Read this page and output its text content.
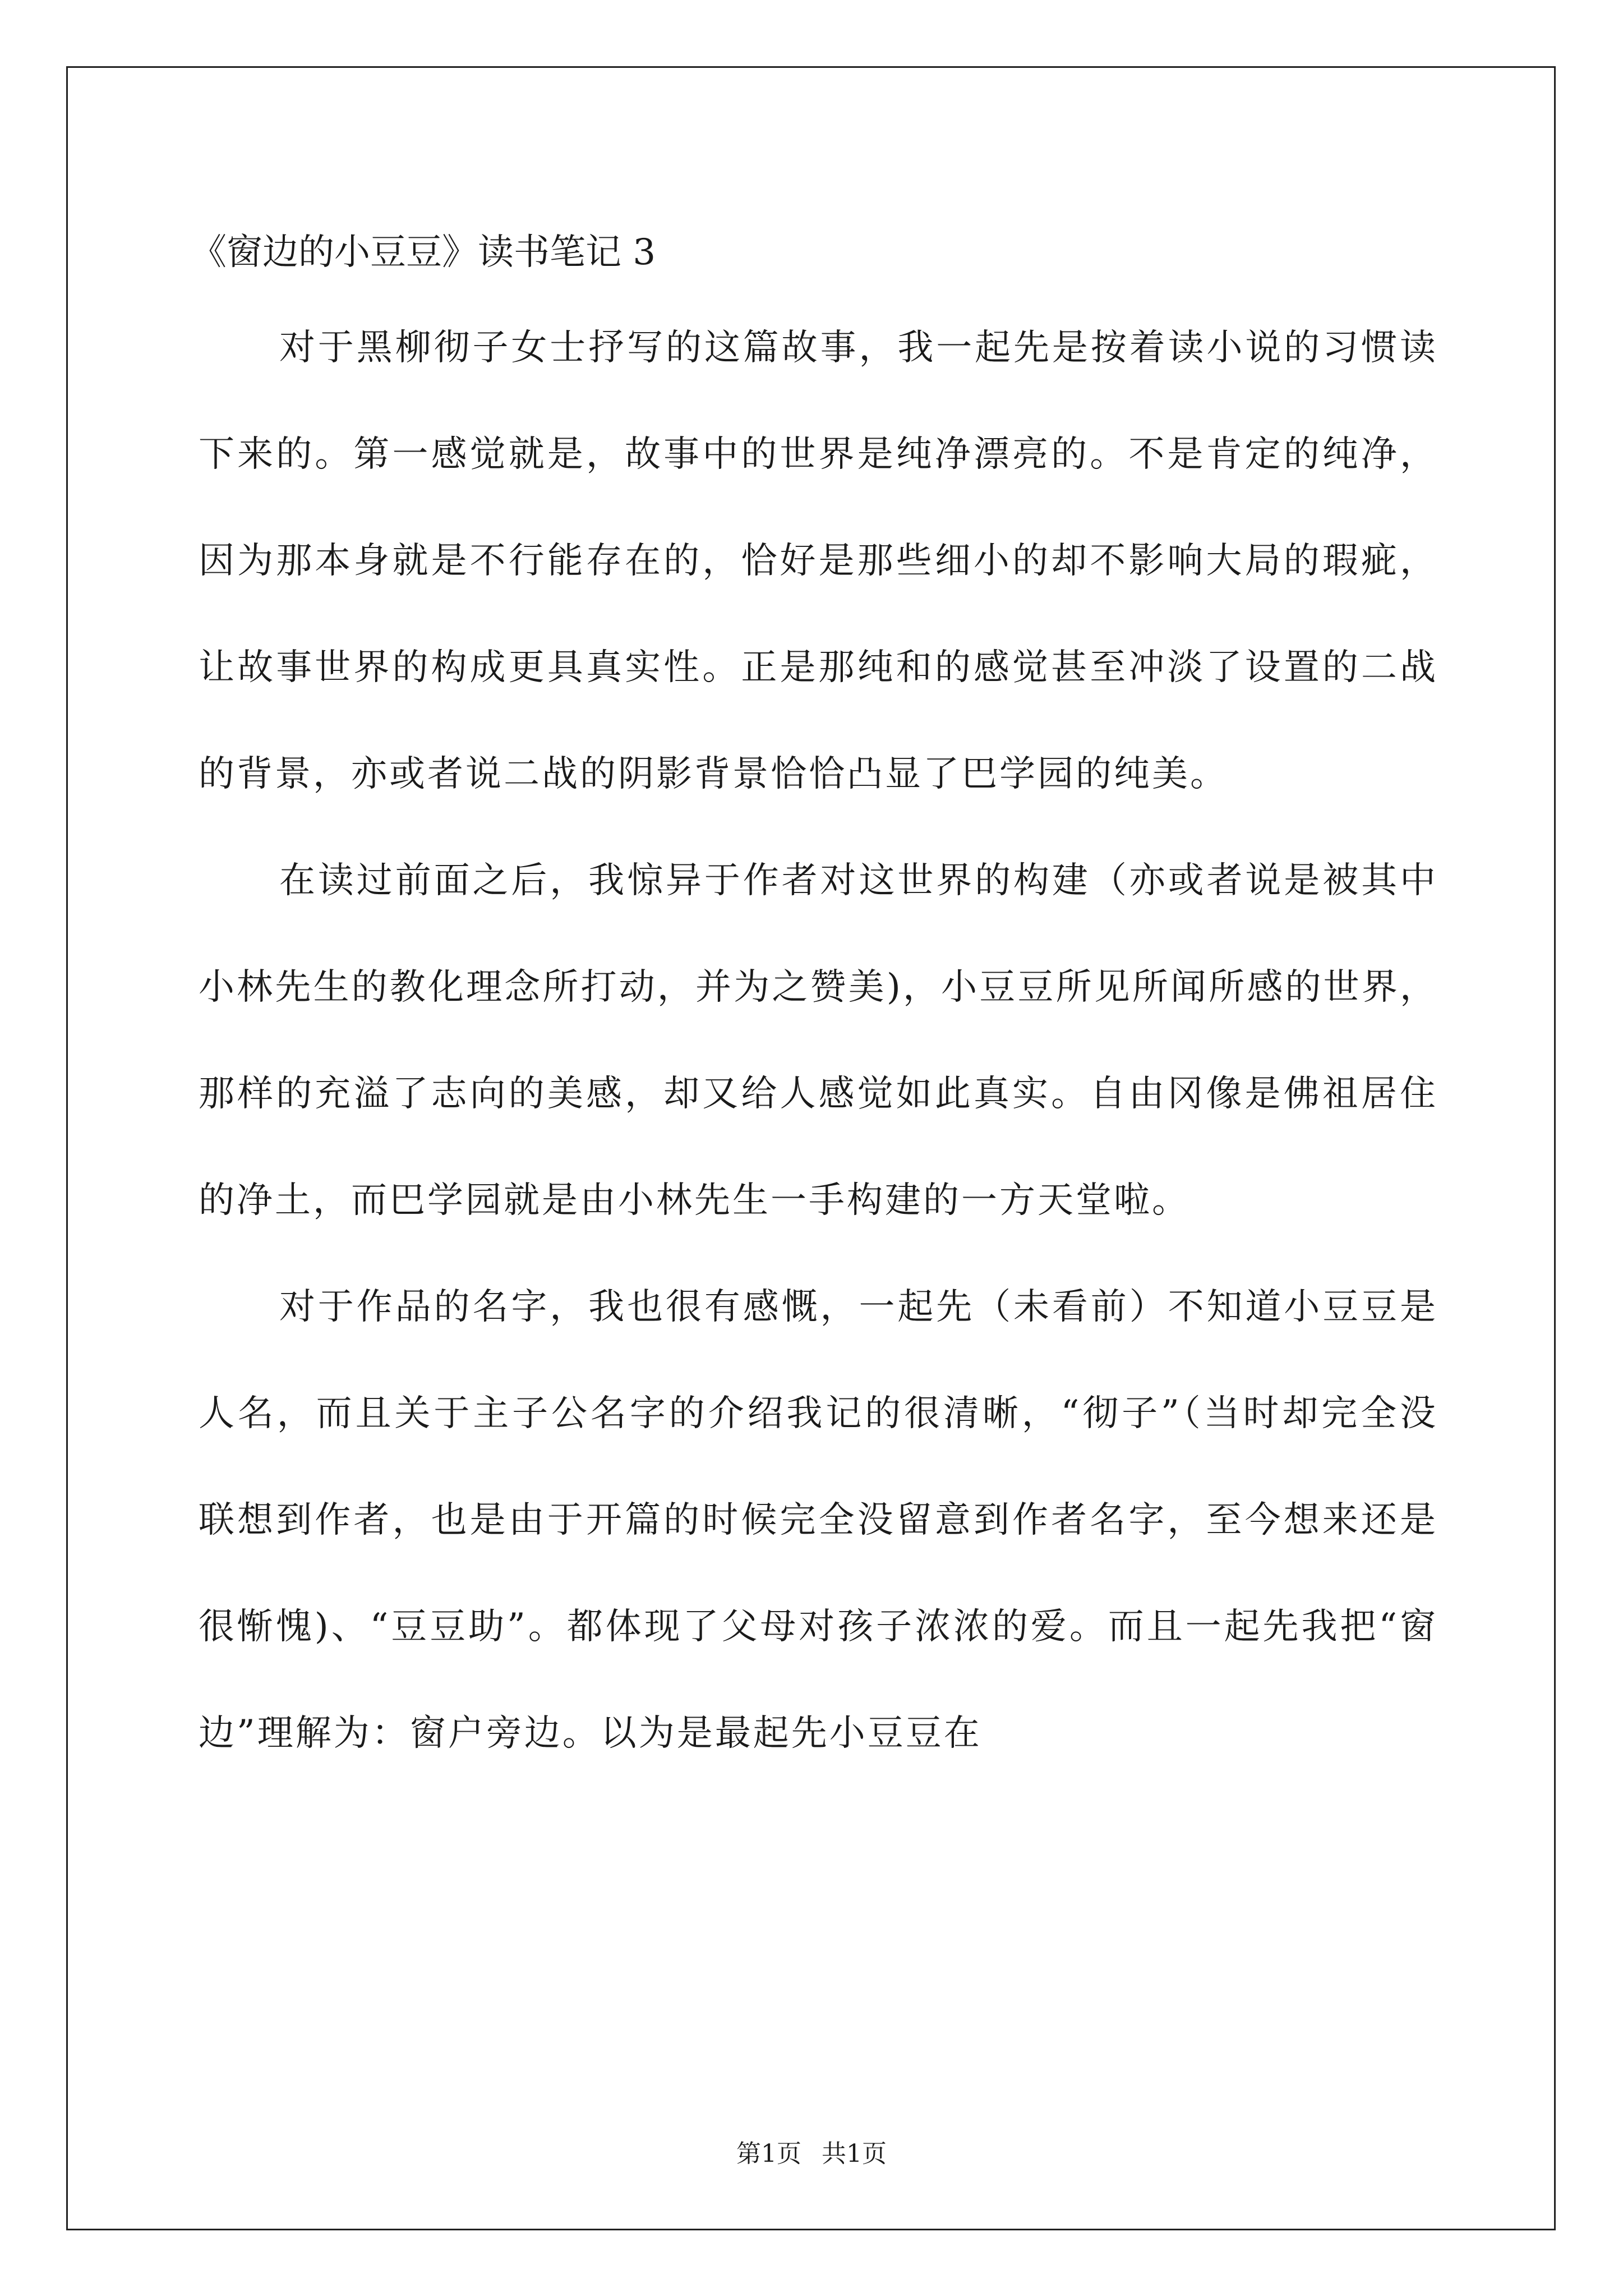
《窗边的小豆豆》读书笔记 3

对于黑柳彻子女士抒写的这篇故事，我一起先是按着读小说的习惯读下来的。第一感觉就是，故事中的世界是纯净漂亮的。不是肯定的纯净，因为那本身就是不行能存在的，恰好是那些细小的却不影响大局的瑕疵，让故事世界的构成更具真实性。正是那纯和的感觉甚至冲淡了设置的二战的背景，亦或者说二战的阴影背景恰恰凸显了巴学园的纯美。

在读过前面之后，我惊异于作者对这世界的构建（亦或者说是被其中小林先生的教化理念所打动，并为之赞美)，小豆豆所见所闻所感的世界，那样的充溢了志向的美感，却又给人感觉如此真实。自由冈像是佛祖居住的净土，而巴学园就是由小林先生一手构建的一方天堂啦。

对于作品的名字，我也很有感慨，一起先（未看前）不知道小豆豆是人名，而且关于主子公名字的介绍我记的很清晰，“彻子”（当时却完全没联想到作者，也是由于开篇的时候完全没留意到作者名字，至今想来还是很惭愧)、“豆豆助”。都体现了父母对孩子浓浓的爱。而且一起先我把“窗边”理解为：窗户旁边。以为是最起先小豆豆在

第1页 共1页
